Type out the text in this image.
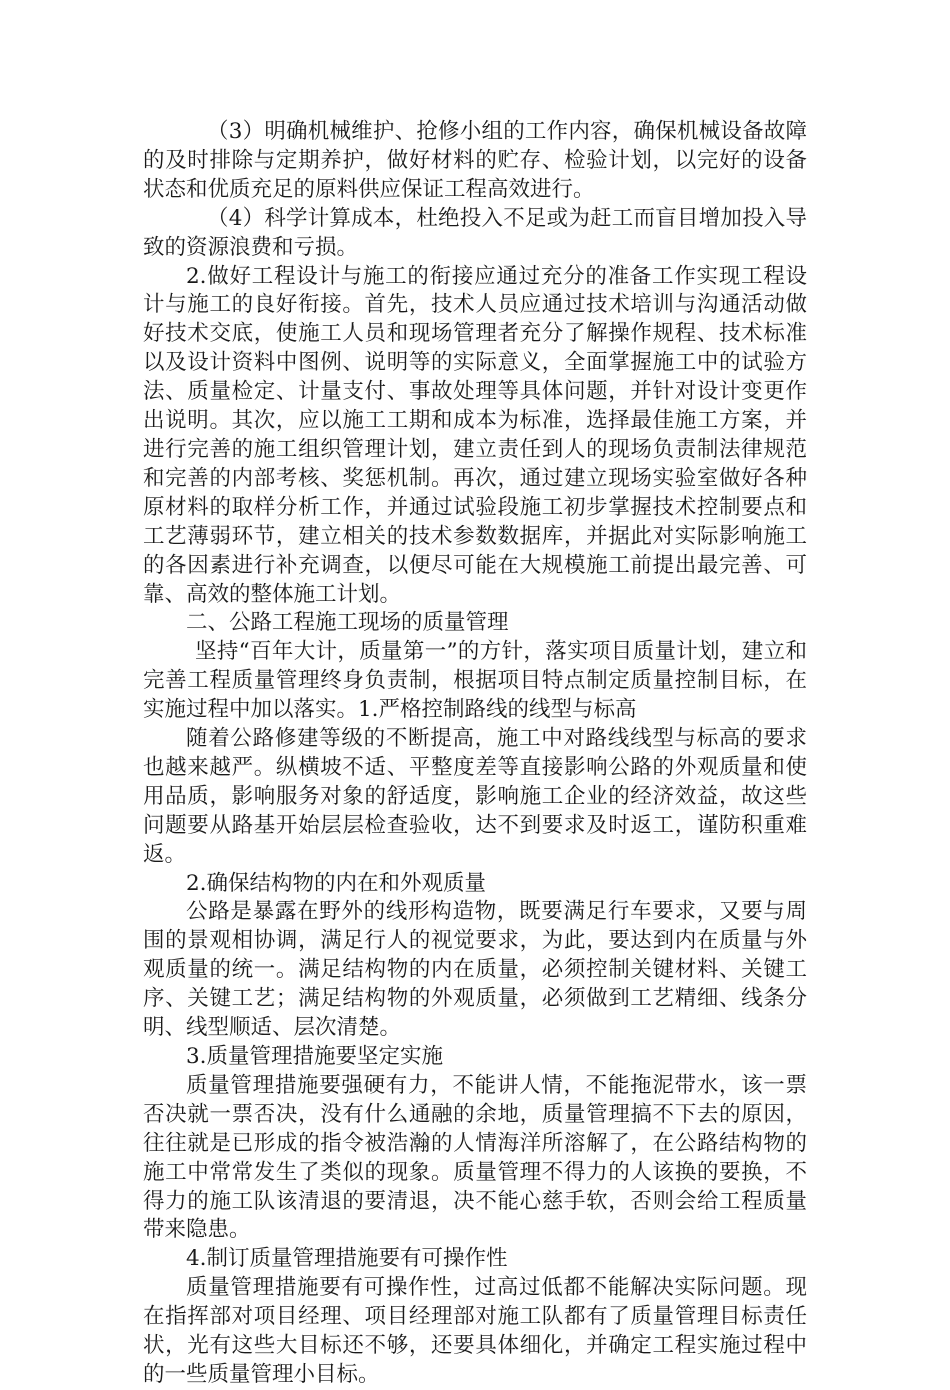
（3）明确机械维护、抢修小组的工作内容，确保机械设备故障的及时排除与定期养护，做好材料的贮存、检验计划，以完好的设备状态和优质充足的原料供应保证工程高效进行。

（4）科学计算成本，杜绝投入不足或为赶工而盲目增加投入导致的资源浪费和亏损。

2.做好工程设计与施工的衔接应通过充分的准备工作实现工程设计与施工的良好衔接。首先，技术人员应通过技术培训与沟通活动做好技术交底，使施工人员和现场管理者充分了解操作规程、技术标准以及设计资料中图例、说明等的实际意义，全面掌握施工中的试验方法、质量检定、计量支付、事故处理等具体问题，并针对设计变更作出说明。其次，应以施工工期和成本为标准，选择最佳施工方案，并进行完善的施工组织管理计划，建立责任到人的现场负责制法律规范和完善的内部考核、奖惩机制。再次，通过建立现场实验室做好各种原材料的取样分析工作，并通过试验段施工初步掌握技术控制要点和工艺薄弱环节，建立相关的技术参数数据库，并据此对实际影响施工的各因素进行补充调查，以便尽可能在大规模施工前提出最完善、可靠、高效的整体施工计划。

二、公路工程施工现场的质量管理

坚持“百年大计，质量第一”的方针，落实项目质量计划，建立和完善工程质量管理终身负责制，根据项目特点制定质量控制目标，在实施过程中加以落实。1.严格控制路线的线型与标高

随着公路修建等级的不断提高，施工中对路线线型与标高的要求也越来越严。纵横坡不适、平整度差等直接影响公路的外观质量和使用品质，影响服务对象的舒适度，影响施工企业的经济效益，故这些问题要从路基开始层层检查验收，达不到要求及时返工，谨防积重难返。

2.确保结构物的内在和外观质量

公路是暴露在野外的线形构造物，既要满足行车要求，又要与周围的景观相协调，满足行人的视觉要求，为此，要达到内在质量与外观质量的统一。满足结构物的内在质量，必须控制关键材料、关键工序、关键工艺；满足结构物的外观质量，必须做到工艺精细、线条分明、线型顺适、层次清楚。

3.质量管理措施要坚定实施

质量管理措施要强硬有力，不能讲人情，不能拖泥带水，该一票否决就一票否决，没有什么通融的余地，质量管理搞不下去的原因，往往就是已形成的指令被浩瀚的人情海洋所溶解了，在公路结构物的施工中常常发生了类似的现象。质量管理不得力的人该换的要换，不得力的施工队该清退的要清退，决不能心慈手软，否则会给工程质量带来隐患。

4.制订质量管理措施要有可操作性

质量管理措施要有可操作性，过高过低都不能解决实际问题。现在指挥部对项目经理、项目经理部对施工队都有了质量管理目标责任状，光有这些大目标还不够，还要具体细化，并确定工程实施过程中的一些质量管理小目标。
